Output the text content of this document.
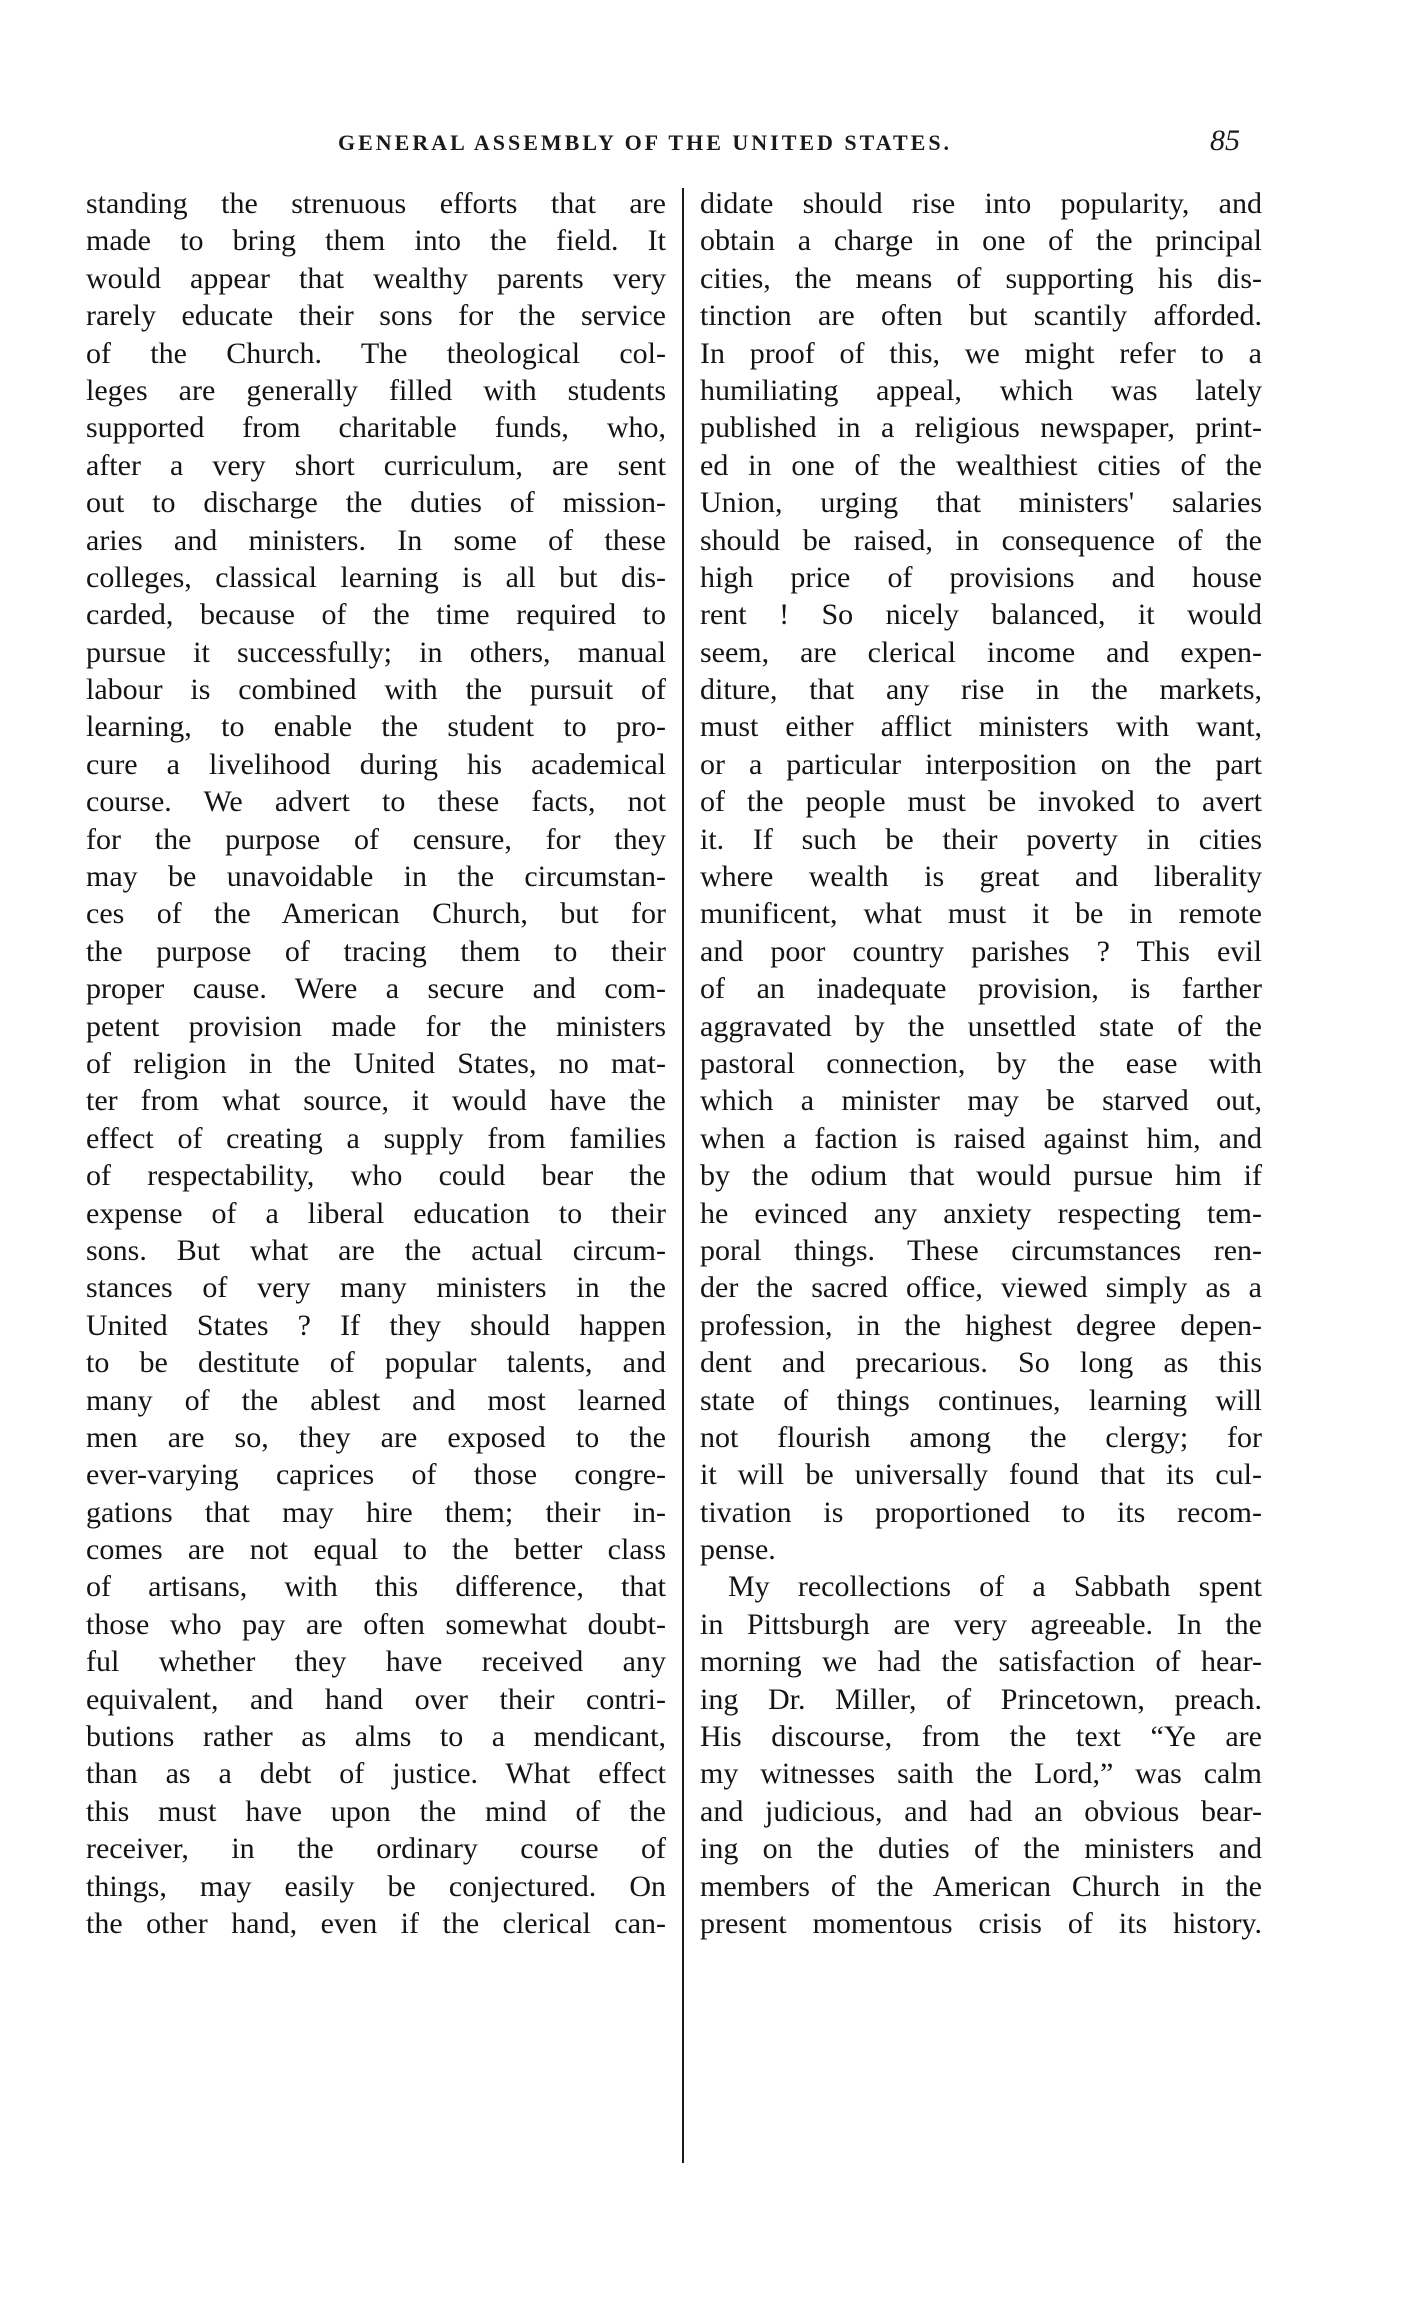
GENERAL ASSEMBLY OF THE UNITED STATES.	85
standing the strenuous efforts that are
made to bring them into the field. It
would appear that wealthy parents very
rarely educate their sons for the service
of the Church. The theological col-
leges are generally filled with students
supported from charitable funds, who,
after a very short curriculum, are sent
out to discharge the duties of mission-
aries and ministers. In some of these
colleges, classical learning is all but dis-
carded, because of the time required to
pursue it successfully; in others, manual
labour is combined with the pursuit of
learning, to enable the student to pro-
cure a livelihood during his academical
course. We advert to these facts, not
for the purpose of censure, for they
may be unavoidable in the circumstan-
ces of the American Church, but for
the purpose of tracing them to their
proper cause. Were a secure and com-
petent provision made for the ministers
of religion in the United States, no mat-
ter from what source, it would have the
effect of creating a supply from families
of respectability, who could bear the
expense of a liberal education to their
sons. But what are the actual circum-
stances of very many ministers in the
United States ? If they should happen
to be destitute of popular talents, and
many of the ablest and most learned
men are so, they are exposed to the
ever-varying caprices of those congre-
gations that may hire them; their in-
comes are not equal to the better class
of artisans, with this difference, that
those who pay are often somewhat doubt-
ful whether they have received any
equivalent, and hand over their contri-
butions rather as alms to a mendicant,
than as a debt of justice. What effect
this must have upon the mind of the
receiver, in the ordinary course of
things, may easily be conjectured. On
the other hand, even if the clerical can-
didate should rise into popularity, and
obtain a charge in one of the principal
cities, the means of supporting his dis-
tinction are often but scantily afforded.
In proof of this, we might refer to a
humiliating appeal, which was lately
published in a religious newspaper, print-
ed in one of the wealthiest cities of the
Union, urging that ministers' salaries
should be raised, in consequence of the
high price of provisions and house
rent ! So nicely balanced, it would
seem, are clerical income and expen-
diture, that any rise in the markets,
must either afflict ministers with want,
or a particular interposition on the part
of the people must be invoked to avert
it. If such be their poverty in cities
where wealth is great and liberality
munificent, what must it be in remote
and poor country parishes ? This evil
of an inadequate provision, is farther
aggravated by the unsettled state of the
pastoral connection, by the ease with
which a minister may be starved out,
when a faction is raised against him, and
by the odium that would pursue him if
he evinced any anxiety respecting tem-
poral things. These circumstances ren-
der the sacred office, viewed simply as a
profession, in the highest degree depen-
dent and precarious. So long as this
state of things continues, learning will
not flourish among the clergy; for
it will be universally found that its cul-
tivation is proportioned to its recom-
pense.
My recollections of a Sabbath spent
in Pittsburgh are very agreeable. In the
morning we had the satisfaction of hear-
ing Dr. Miller, of Princetown, preach.
His discourse, from the text “Ye are
my witnesses saith the Lord,” was calm
and judicious, and had an obvious bear-
ing on the duties of the ministers and
members of the American Church in the
present momentous crisis of its history.
